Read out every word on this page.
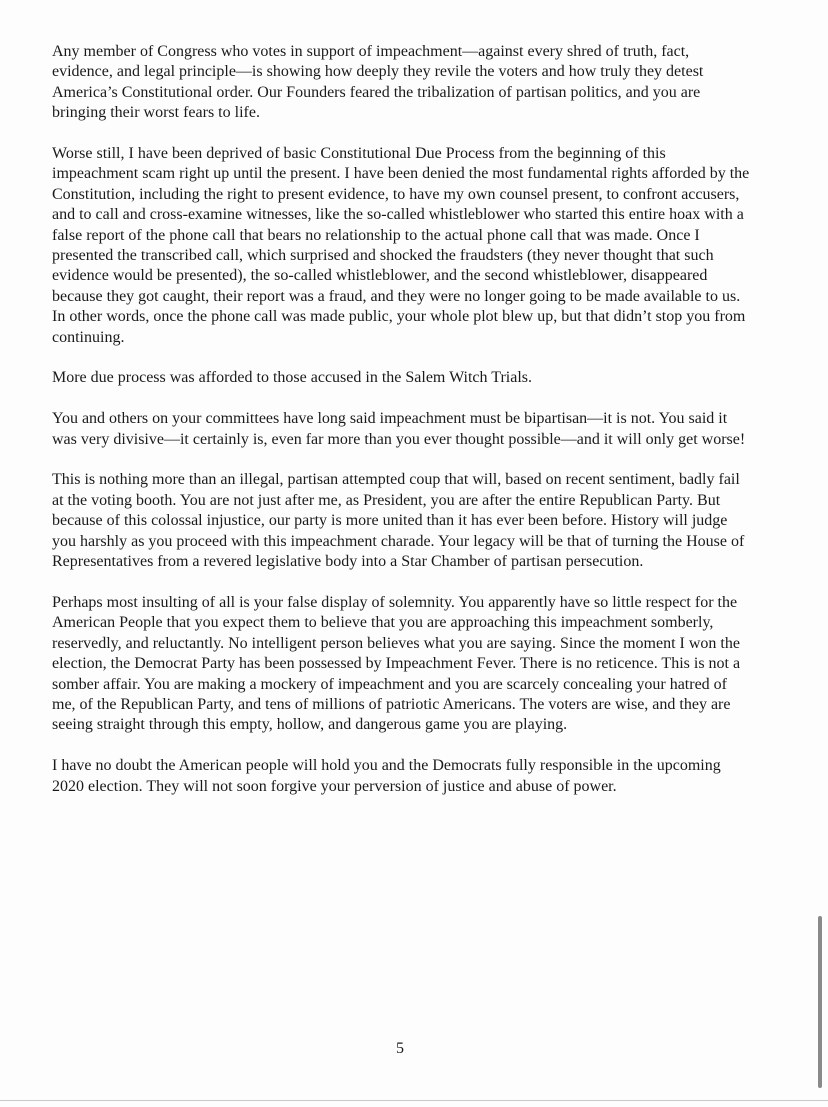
Any member of Congress who votes in support of impeachment—against every shred of truth, fact, evidence, and legal principle—is showing how deeply they revile the voters and how truly they detest America’s Constitutional order. Our Founders feared the tribalization of partisan politics, and you are bringing their worst fears to life.

Worse still, I have been deprived of basic Constitutional Due Process from the beginning of this impeachment scam right up until the present. I have been denied the most fundamental rights afforded by the Constitution, including the right to present evidence, to have my own counsel present, to confront accusers, and to call and cross-examine witnesses, like the so-called whistleblower who started this entire hoax with a false report of the phone call that bears no relationship to the actual phone call that was made. Once I presented the transcribed call, which surprised and shocked the fraudsters (they never thought that such evidence would be presented), the so-called whistleblower, and the second whistleblower, disappeared because they got caught, their report was a fraud, and they were no longer going to be made available to us. In other words, once the phone call was made public, your whole plot blew up, but that didn’t stop you from continuing.

More due process was afforded to those accused in the Salem Witch Trials.

You and others on your committees have long said impeachment must be bipartisan—it is not. You said it was very divisive—it certainly is, even far more than you ever thought possible—and it will only get worse!

This is nothing more than an illegal, partisan attempted coup that will, based on recent sentiment, badly fail at the voting booth. You are not just after me, as President, you are after the entire Republican Party. But because of this colossal injustice, our party is more united than it has ever been before. History will judge you harshly as you proceed with this impeachment charade. Your legacy will be that of turning the House of Representatives from a revered legislative body into a Star Chamber of partisan persecution.

Perhaps most insulting of all is your false display of solemnity. You apparently have so little respect for the American People that you expect them to believe that you are approaching this impeachment somberly, reservedly, and reluctantly. No intelligent person believes what you are saying. Since the moment I won the election, the Democrat Party has been possessed by Impeachment Fever. There is no reticence. This is not a somber affair. You are making a mockery of impeachment and you are scarcely concealing your hatred of me, of the Republican Party, and tens of millions of patriotic Americans. The voters are wise, and they are seeing straight through this empty, hollow, and dangerous game you are playing.

I have no doubt the American people will hold you and the Democrats fully responsible in the upcoming 2020 election. They will not soon forgive your perversion of justice and abuse of power.

5
